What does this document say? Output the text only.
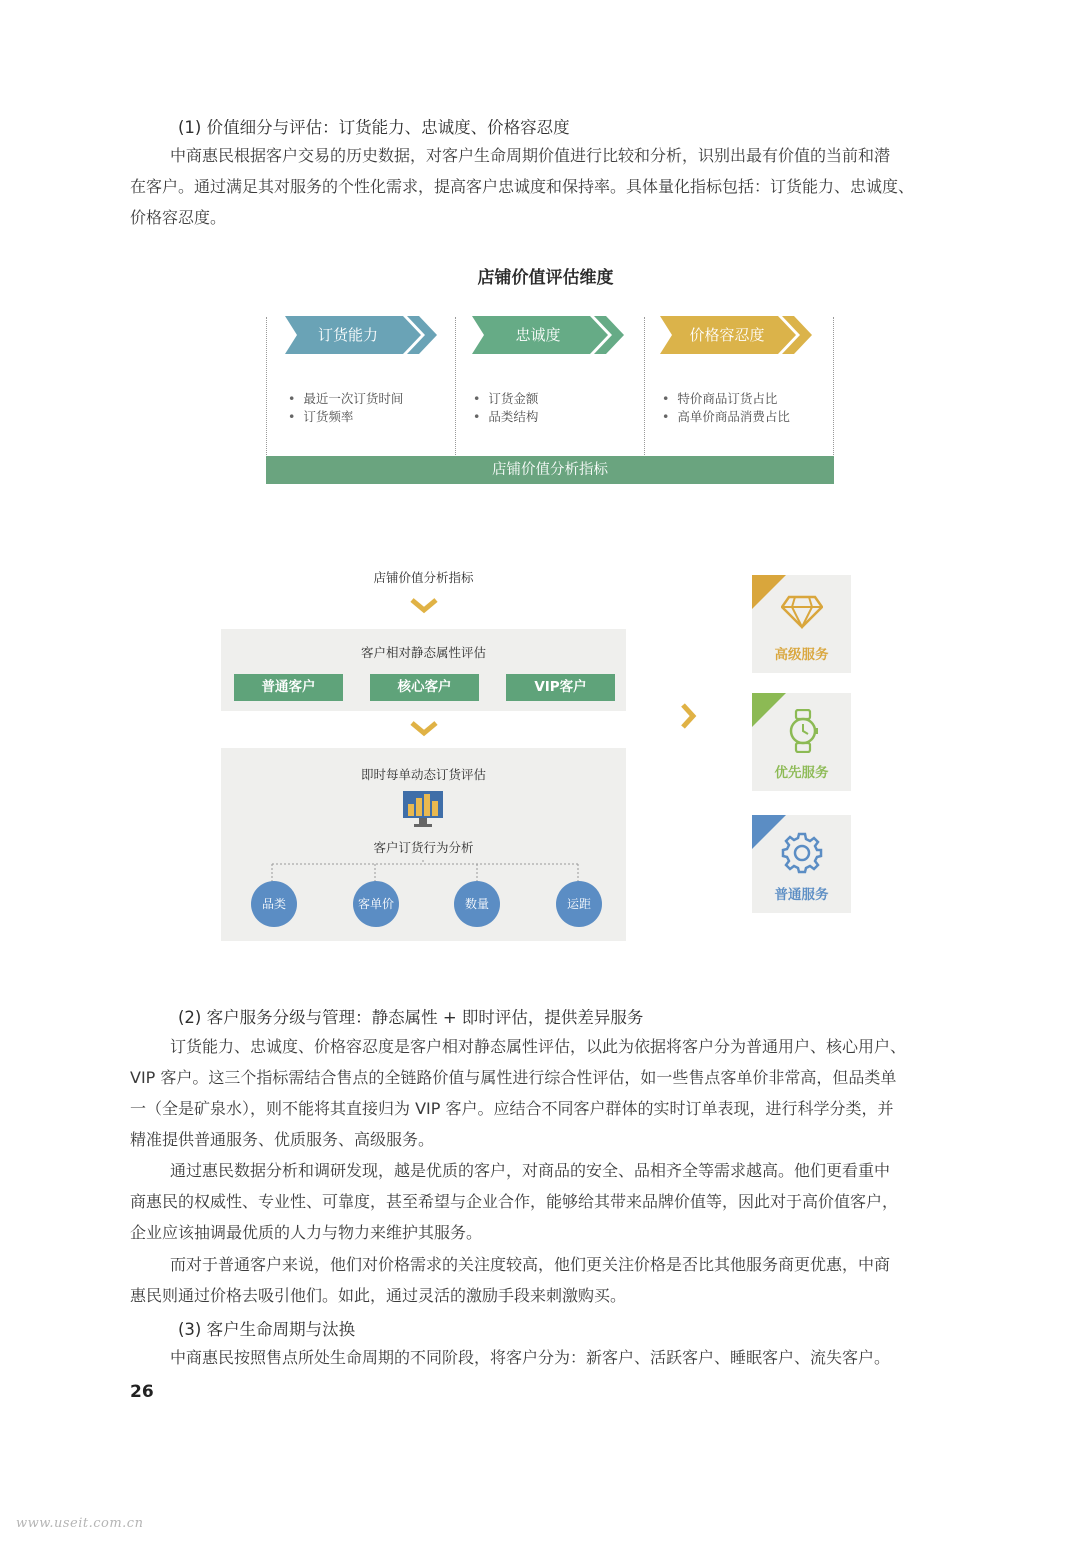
(1) 价值细分与评估：订货能力、忠诚度、价格容忍度
中商惠民根据客户交易的历史数据，对客户生命周期价值进行比较和分析，识别出最有价值的当前和潜
在客户。通过满足其对服务的个性化需求，提高客户忠诚度和保持率。具体量化指标包括：订货能力、忠诚度、
价格容忍度。
店铺价值评估维度
订货能力	忠诚度	价格容忍度
• 最近一次订货时间
• 订货频率
• 订货金额
• 品类结构
• 特价商品订货占比
• 高单价商品消费占比
店铺价值分析指标
店铺价值分析指标
客户相对静态属性评估
普通客户	核心客户	VIP客户
即时每单动态订货评估
客户订货行为分析
品类	客单价	数量	运距
高级服务
优先服务
普通服务
(2) 客户服务分级与管理：静态属性 + 即时评估，提供差异服务
订货能力、忠诚度、价格容忍度是客户相对静态属性评估，以此为依据将客户分为普通用户、核心用户、
VIP 客户。这三个指标需结合售点的全链路价值与属性进行综合性评估，如一些售点客单价非常高，但品类单
一（全是矿泉水），则不能将其直接归为 VIP 客户。应结合不同客户群体的实时订单表现，进行科学分类，并
精准提供普通服务、优质服务、高级服务。
通过惠民数据分析和调研发现，越是优质的客户，对商品的安全、品相齐全等需求越高。他们更看重中
商惠民的权威性、专业性、可靠度，甚至希望与企业合作，能够给其带来品牌价值等，因此对于高价值客户，
企业应该抽调最优质的人力与物力来维护其服务。
而对于普通客户来说，他们对价格需求的关注度较高，他们更关注价格是否比其他服务商更优惠，中商
惠民则通过价格去吸引他们。如此，通过灵活的激励手段来刺激购买。
(3) 客户生命周期与汰换
中商惠民按照售点所处生命周期的不同阶段，将客户分为：新客户、活跃客户、睡眠客户、流失客户。
26
www.useit.com.cn
